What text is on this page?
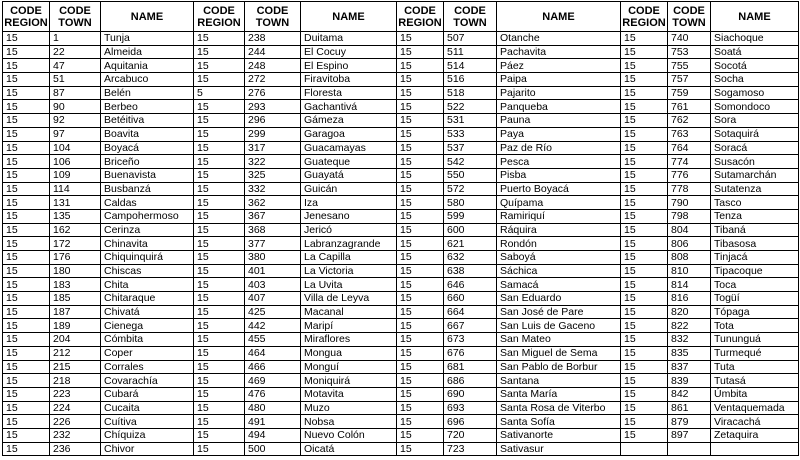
CODE REGION	CODE TOWN	NAME	CODE REGION	CODE TOWN	NAME	CODE REGION	CODE TOWN	NAME	CODE REGION	CODE TOWN	NAME
15	1	Tunja	15	238	Duitama	15	507	Otanche	15	740	Siachoque
15	22	Almeida	15	244	El Cocuy	15	511	Pachavita	15	753	Soatá
15	47	Aquitania	15	248	El Espino	15	514	Páez	15	755	Socotá
15	51	Arcabuco	15	272	Firavitoba	15	516	Paipa	15	757	Socha
15	87	Belén	5	276	Floresta	15	518	Pajarito	15	759	Sogamoso
15	90	Berbeo	15	293	Gachantivá	15	522	Panqueba	15	761	Somondoco
15	92	Betéitiva	15	296	Gámeza	15	531	Pauna	15	762	Sora
15	97	Boavita	15	299	Garagoa	15	533	Paya	15	763	Sotaquirá
15	104	Boyacá	15	317	Guacamayas	15	537	Paz de Río	15	764	Soracá
15	106	Briceño	15	322	Guateque	15	542	Pesca	15	774	Susacón
15	109	Buenavista	15	325	Guayatá	15	550	Pisba	15	776	Sutamarchán
15	114	Busbanzá	15	332	Guicán	15	572	Puerto Boyacá	15	778	Sutatenza
15	131	Caldas	15	362	Iza	15	580	Quípama	15	790	Tasco
15	135	Campohermoso	15	367	Jenesano	15	599	Ramiriquí	15	798	Tenza
15	162	Cerinza	15	368	Jericó	15	600	Ráquira	15	804	Tibaná
15	172	Chinavita	15	377	Labranzagrande	15	621	Rondón	15	806	Tibasosa
15	176	Chiquinquirá	15	380	La Capilla	15	632	Saboyá	15	808	Tinjacá
15	180	Chiscas	15	401	La Victoria	15	638	Sáchica	15	810	Tipacoque
15	183	Chita	15	403	La Uvita	15	646	Samacá	15	814	Toca
15	185	Chitaraque	15	407	Villa de Leyva	15	660	San Eduardo	15	816	Togüí
15	187	Chivatá	15	425	Macanal	15	664	San José de Pare	15	820	Tópaga
15	189	Cienega	15	442	Maripí	15	667	San Luis de Gaceno	15	822	Tota
15	204	Cómbita	15	455	Miraflores	15	673	San Mateo	15	832	Tununguá
15	212	Coper	15	464	Mongua	15	676	San Miguel de Sema	15	835	Turmequé
15	215	Corrales	15	466	Monguí	15	681	San Pablo de Borbur	15	837	Tuta
15	218	Covarachía	15	469	Moniquirá	15	686	Santana	15	839	Tutasá
15	223	Cubará	15	476	Motavita	15	690	Santa María	15	842	Úmbita
15	224	Cucaita	15	480	Muzo	15	693	Santa Rosa de Viterbo	15	861	Ventaquemada
15	226	Cuítiva	15	491	Nobsa	15	696	Santa Sofía	15	879	Viracachá
15	232	Chíquiza	15	494	Nuevo Colón	15	720	Sativanorte	15	897	Zetaquira
15	236	Chivor	15	500	Oicatá	15	723	Sativasur			
